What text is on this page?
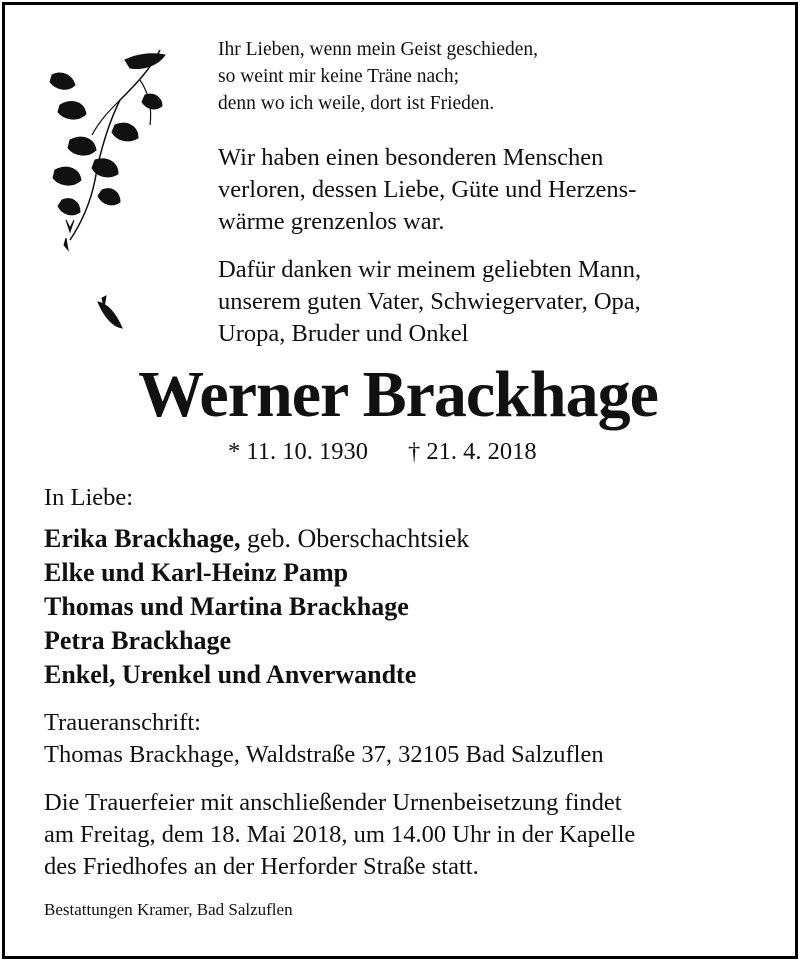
Ihr Lieben, wenn mein Geist geschieden,
so weint mir keine Träne nach;
denn wo ich weile, dort ist Frieden.

Wir haben einen besonderen Menschen
verloren, dessen Liebe, Güte und Herzens-
wärme grenzenlos war.

Dafür danken wir meinem geliebten Mann,
unserem guten Vater, Schwiegervater, Opa,
Uropa, Bruder und Onkel

Werner Brackhage

* 11. 10. 1930 † 21. 4. 2018

In Liebe:

Erika Brackhage, geb. Oberschachtsiek
Elke und Karl-Heinz Pamp
Thomas und Martina Brackhage
Petra Brackhage
Enkel, Urenkel und Anverwandte

Traueranschrift:
Thomas Brackhage, Waldstraße 37, 32105 Bad Salzuflen

Die Trauerfeier mit anschließender Urnenbeisetzung findet
am Freitag, dem 18. Mai 2018, um 14.00 Uhr in der Kapelle
des Friedhofes an der Herforder Straße statt.

Bestattungen Kramer, Bad Salzuflen
